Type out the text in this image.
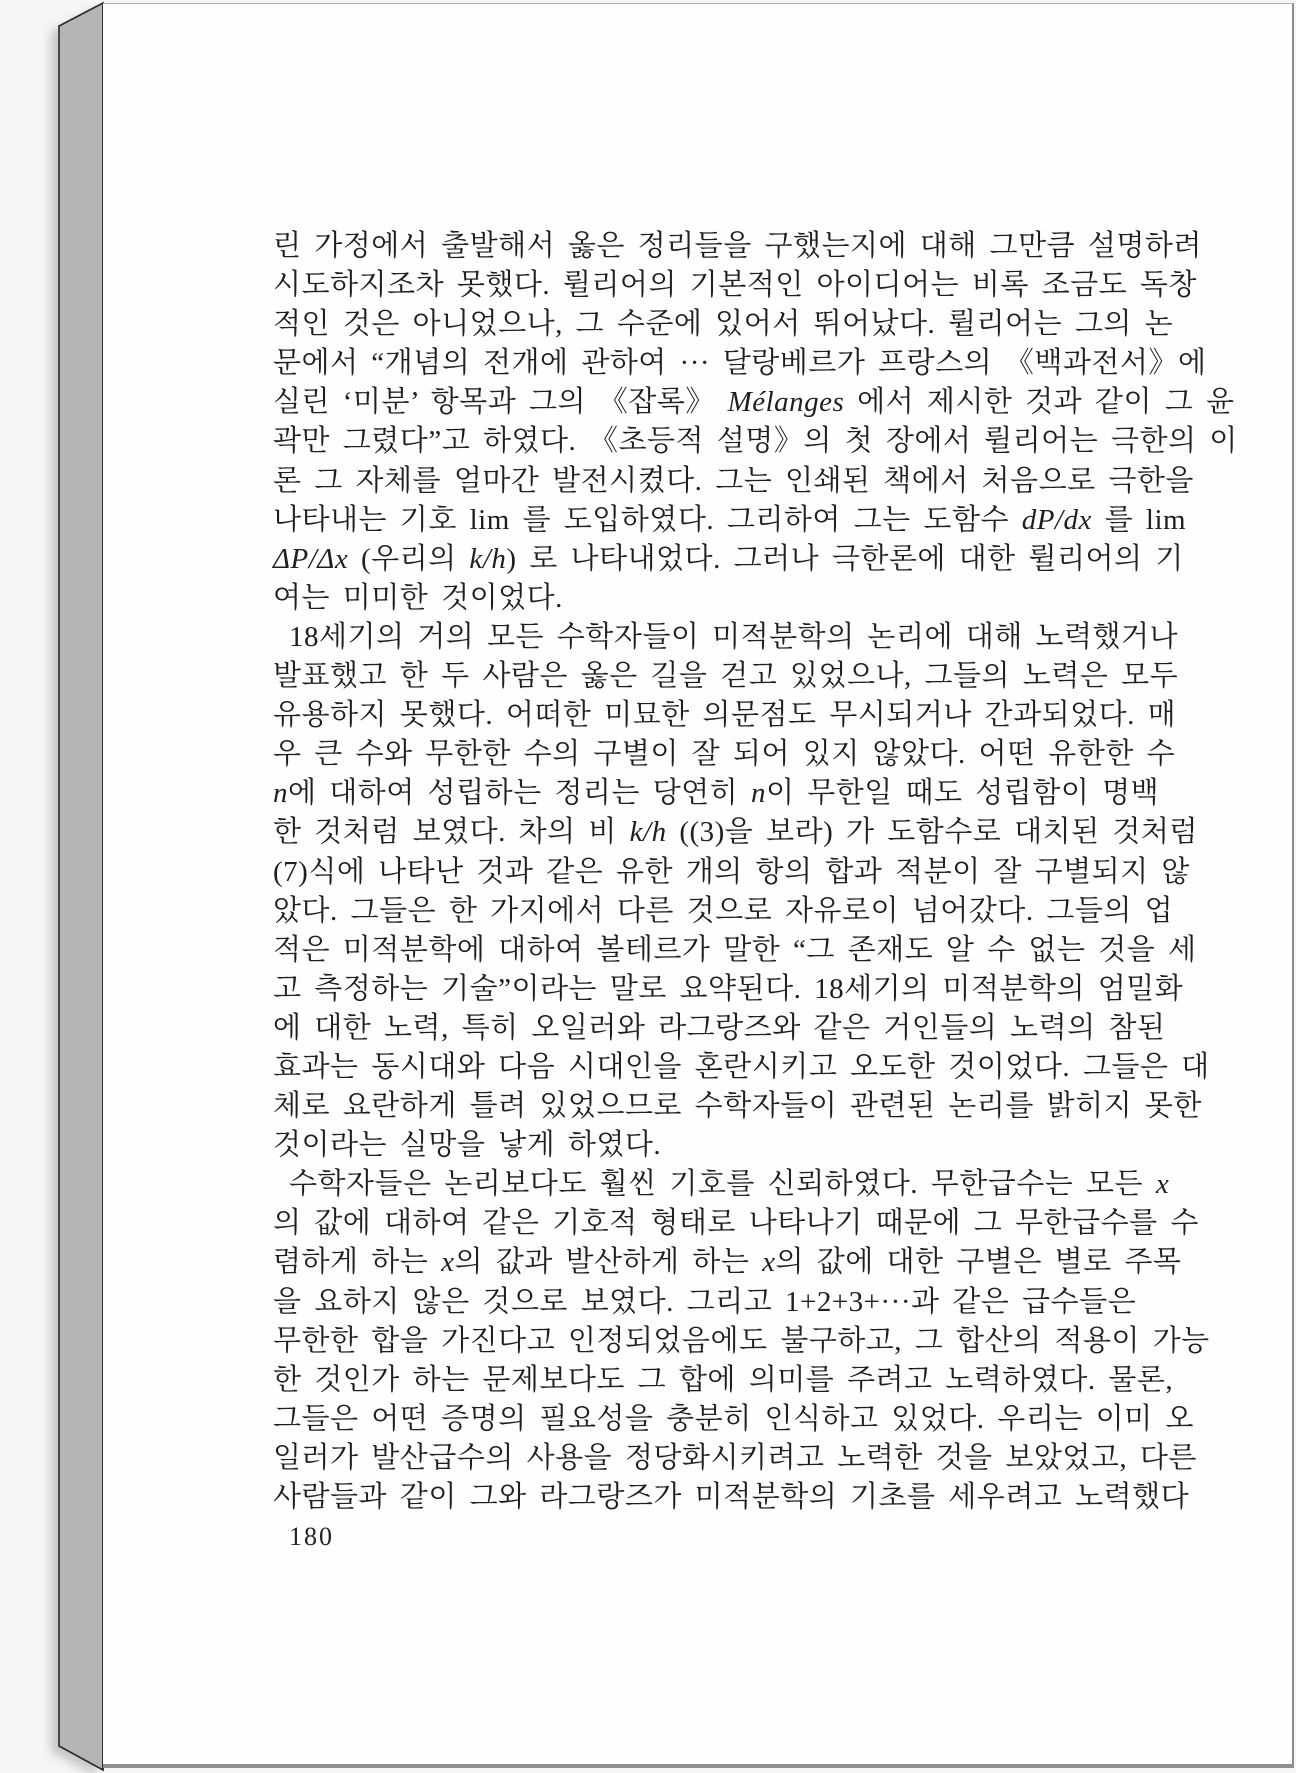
린 가정에서 출발해서 옳은 정리들을 구했는지에 대해 그만큼 설명하려
시도하지조차 못했다. 륄리어의 기본적인 아이디어는 비록 조금도 독창
적인 것은 아니었으나, 그 수준에 있어서 뛰어났다. 륄리어는 그의 논
문에서 “개념의 전개에 관하여 ··· 달랑베르가 프랑스의 《백과전서》에
실린 ‘미분’ 항목과 그의 《잡록》 Mélanges 에서 제시한 것과 같이 그 윤
곽만 그렸다”고 하였다. 《초등적 설명》의 첫 장에서 륄리어는 극한의 이
론 그 자체를 얼마간 발전시켰다. 그는 인쇄된 책에서 처음으로 극한을
나타내는 기호 lim 를 도입하였다. 그리하여 그는 도함수 dP/dx 를 lim
ΔP/Δx (우리의 k/h) 로 나타내었다. 그러나 극한론에 대한 륄리어의 기
여는 미미한 것이었다.
18세기의 거의 모든 수학자들이 미적분학의 논리에 대해 노력했거나
발표했고 한 두 사람은 옳은 길을 걷고 있었으나, 그들의 노력은 모두
유용하지 못했다. 어떠한 미묘한 의문점도 무시되거나 간과되었다. 매
우 큰 수와 무한한 수의 구별이 잘 되어 있지 않았다. 어떤 유한한 수
n에 대하여 성립하는 정리는 당연히 n이 무한일 때도 성립함이 명백
한 것처럼 보였다. 차의 비 k/h ((3)을 보라) 가 도함수로 대치된 것처럼
(7)식에 나타난 것과 같은 유한 개의 항의 합과 적분이 잘 구별되지 않
았다. 그들은 한 가지에서 다른 것으로 자유로이 넘어갔다. 그들의 업
적은 미적분학에 대하여 볼테르가 말한 “그 존재도 알 수 없는 것을 세
고 측정하는 기술”이라는 말로 요약된다. 18세기의 미적분학의 엄밀화
에 대한 노력, 특히 오일러와 라그랑즈와 같은 거인들의 노력의 참된
효과는 동시대와 다음 시대인을 혼란시키고 오도한 것이었다. 그들은 대
체로 요란하게 틀려 있었으므로 수학자들이 관련된 논리를 밝히지 못한
것이라는 실망을 낳게 하였다.
수학자들은 논리보다도 훨씬 기호를 신뢰하였다. 무한급수는 모든 x
의 값에 대하여 같은 기호적 형태로 나타나기 때문에 그 무한급수를 수
렴하게 하는 x의 값과 발산하게 하는 x의 값에 대한 구별은 별로 주목
을 요하지 않은 것으로 보였다. 그리고 1+2+3+···과 같은 급수들은
무한한 합을 가진다고 인정되었음에도 불구하고, 그 합산의 적용이 가능
한 것인가 하는 문제보다도 그 합에 의미를 주려고 노력하였다. 물론,
그들은 어떤 증명의 필요성을 충분히 인식하고 있었다. 우리는 이미 오
일러가 발산급수의 사용을 정당화시키려고 노력한 것을 보았었고, 다른
사람들과 같이 그와 라그랑즈가 미적분학의 기초를 세우려고 노력했다
180
